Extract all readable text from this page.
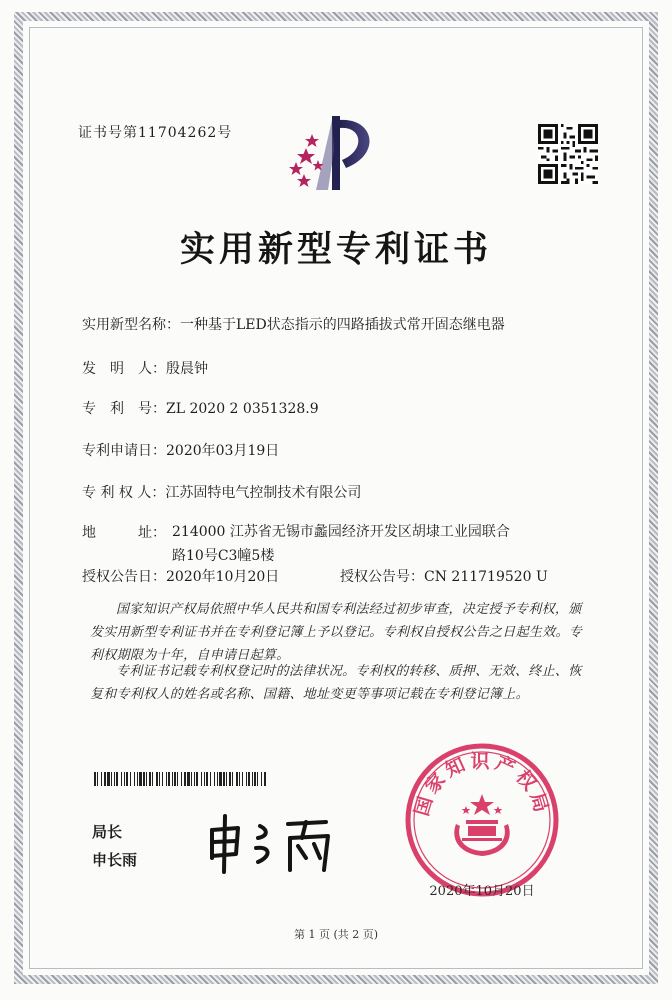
证书号第11704262号
实用新型专利证书
实用新型名称：一种基于LED状态指示的四路插拔式常开固态继电器
发　明　人：殷晨钟
专　利　号：ZL 2020 2 0351328.9
专利申请日：2020年03月19日
专 利 权 人：江苏固特电气控制技术有限公司
地　　　址： 214000 江苏省无锡市蠡园经济开发区胡埭工业园联合路10号C3幢5楼
授权公告日：2020年10月20日	授权公告号：CN 211719520 U
国家知识产权局依照中华人民共和国专利法经过初步审查，决定授予专利权，颁发实用新型专利证书并在专利登记簿上予以登记。专利权自授权公告之日起生效。专利权期限为十年，自申请日起算。
专利证书记载专利权登记时的法律状况。专利权的转移、质押、无效、终止、恢复和专利权人的姓名或名称、国籍、地址变更等事项记载在专利登记簿上。
局长
申长雨
国家知识产权局
2020年10月20日
第 1 页 (共 2 页)
